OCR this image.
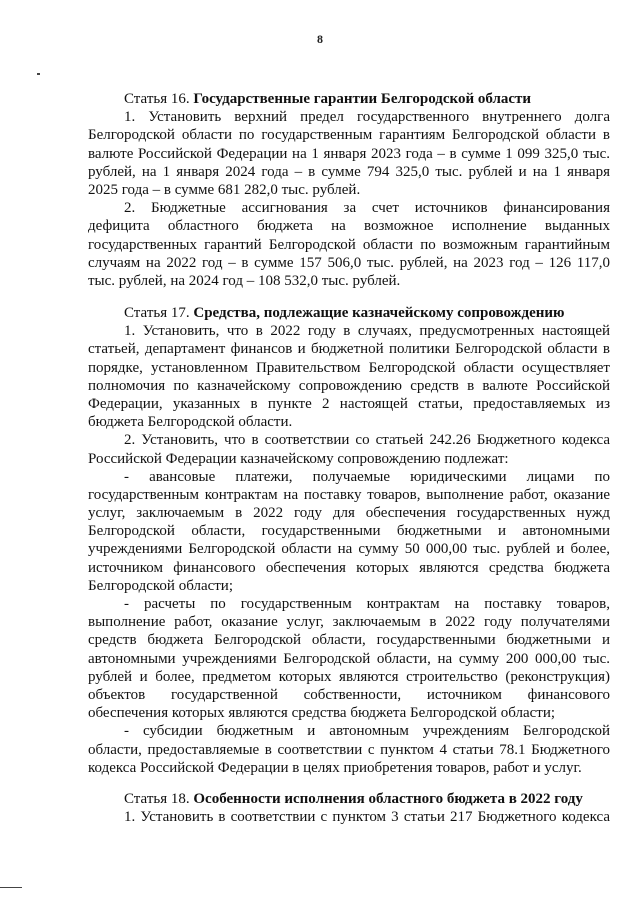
8
Статья 16. Государственные гарантии Белгородской области
1. Установить верхний предел государственного внутреннего долга
Белгородской области по государственным гарантиям Белгородской области в
валюте Российской Федерации на 1 января 2023 года – в сумме 1 099 325,0 тыс.
рублей, на 1 января 2024 года – в сумме 794 325,0 тыс. рублей и на 1 января
2025 года – в сумме 681 282,0 тыс. рублей.
2. Бюджетные ассигнования за счет источников финансирования
дефицита областного бюджета на возможное исполнение выданных
государственных гарантий Белгородской области по возможным гарантийным
случаям на 2022 год – в сумме 157 506,0 тыс. рублей, на 2023 год – 126 117,0
тыс. рублей, на 2024 год – 108 532,0 тыс. рублей.
Статья 17. Средства, подлежащие казначейскому сопровождению
1. Установить, что в 2022 году в случаях, предусмотренных настоящей
статьей, департамент финансов и бюджетной политики Белгородской области в
порядке, установленном Правительством Белгородской области осуществляет
полномочия по казначейскому сопровождению средств в валюте Российской
Федерации, указанных в пункте 2 настоящей статьи, предоставляемых из
бюджета Белгородской области.
2. Установить, что в соответствии со статьей 242.26 Бюджетного кодекса
Российской Федерации казначейскому сопровождению подлежат:
- авансовые платежи, получаемые юридическими лицами по
государственным контрактам на поставку товаров, выполнение работ, оказание
услуг, заключаемым в 2022 году для обеспечения государственных нужд
Белгородской области, государственными бюджетными и автономными
учреждениями Белгородской области на сумму 50 000,00 тыс. рублей и более,
источником финансового обеспечения которых являются средства бюджета
Белгородской области;
- расчеты по государственным контрактам на поставку товаров,
выполнение работ, оказание услуг, заключаемым в 2022 году получателями
средств бюджета Белгородской области, государственными бюджетными и
автономными учреждениями Белгородской области, на сумму 200 000,00 тыс.
рублей и более, предметом которых являются строительство (реконструкция)
объектов государственной собственности, источником финансового
обеспечения которых являются средства бюджета Белгородской области;
- субсидии бюджетным и автономным учреждениям Белгородской
области, предоставляемые в соответствии с пунктом 4 статьи 78.1 Бюджетного
кодекса Российской Федерации в целях приобретения товаров, работ и услуг.
Статья 18. Особенности исполнения областного бюджета в 2022 году
1. Установить в соответствии с пунктом 3 статьи 217 Бюджетного кодекса
